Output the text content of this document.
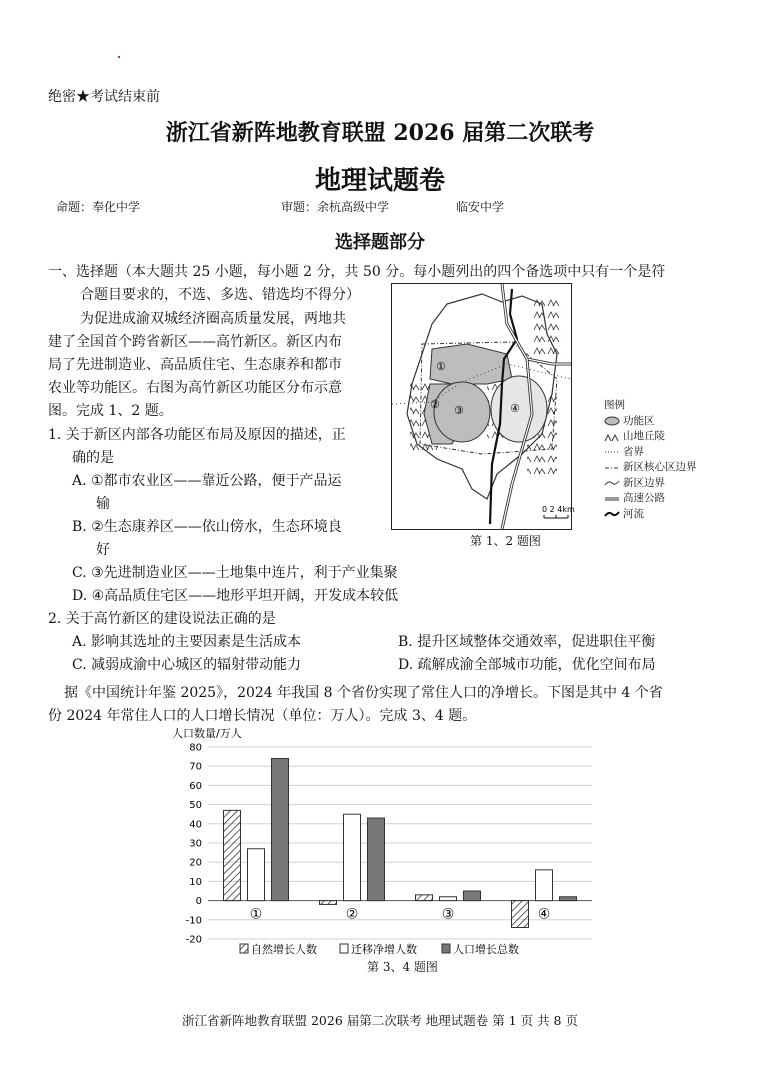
绝密★考试结束前
浙江省新阵地教育联盟 2026 届第二次联考
地理试题卷
命题：奉化中学	审题：余杭高级中学	临安中学
选择题部分
一、选择题（本大题共 25 小题，每小题 2 分，共 50 分。每小题列出的四个备选项中只有一个是符
合题目要求的，不选、多选、错选均不得分）
为促进成渝双城经济圈高质量发展，两地共
建了全国首个跨省新区——高竹新区。新区内布
局了先进制造业、高品质住宅、生态康养和都市
农业等功能区。右图为高竹新区功能区分布示意
图。完成 1、2 题。
1. 关于新区内部各功能区布局及原因的描述，正
确的是
A. ①都市农业区——靠近公路，便于产品运
输
B. ②生态康养区——依山傍水，生态环境良
好
C. ③先进制造业区——土地集中连片，利于产业集聚
D. ④高品质住宅区——地形平坦开阔，开发成本较低
2. 关于高竹新区的建设说法正确的是
A. 影响其选址的主要因素是生活成本	B. 提升区域整体交通效率，促进职住平衡
C. 减弱成渝中心城区的辐射带动能力	D. 疏解成渝全部城市功能，优化空间布局
①
② ③	④
0 2 4km
第 1、2 题图
图例
功能区
山地丘陵
省界
新区核心区边界
新区边界
高速公路
河流
据《中国统计年鉴 2025》，2024 年我国 8 个省份实现了常住人口的净增长。下图是其中 4 个省
份 2024 年常住人口的人口增长情况（单位：万人）。完成 3、4 题。
人口数量/万人
80
70
60
50
40
30
20
10
0
-10
-20
①	②	③	④
自然增长人数	迁移净增人数	人口增长总数
第 3、4 题图
浙江省新阵地教育联盟 2026 届第二次联考 地理试题卷 第 1 页 共 8 页
